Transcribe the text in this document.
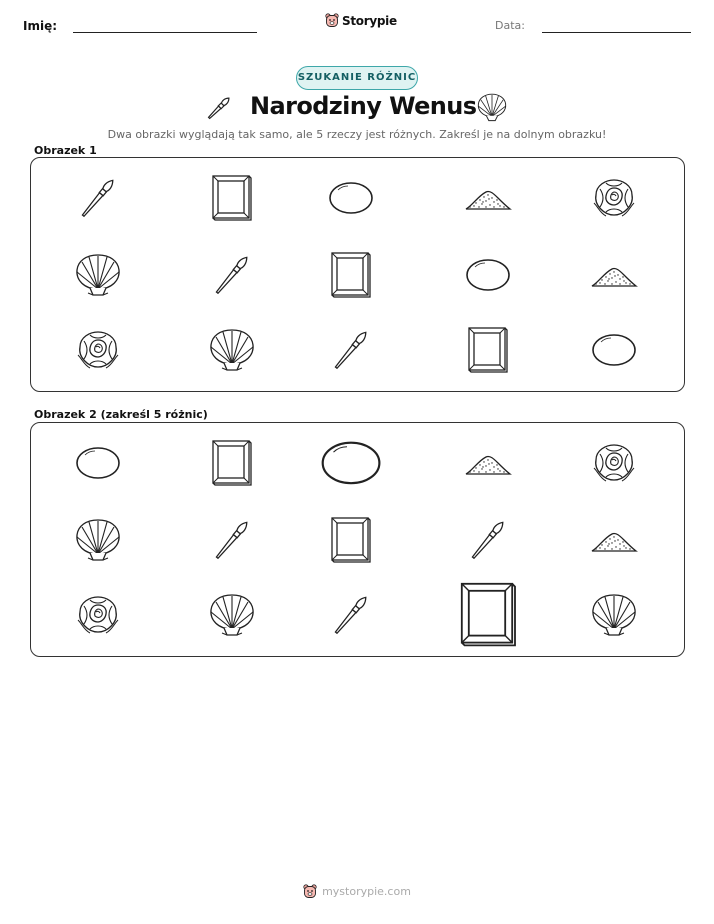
Imię:	Storypie	Data:
SZUKANIE RÓŻNIC
Narodziny Wenus
Dwa obrazki wyglądają tak samo, ale 5 rzeczy jest różnych. Zakreśl je na dolnym obrazku!
Obrazek 1
Obrazek 2 (zakreśl 5 różnic)
mystorypie.com
